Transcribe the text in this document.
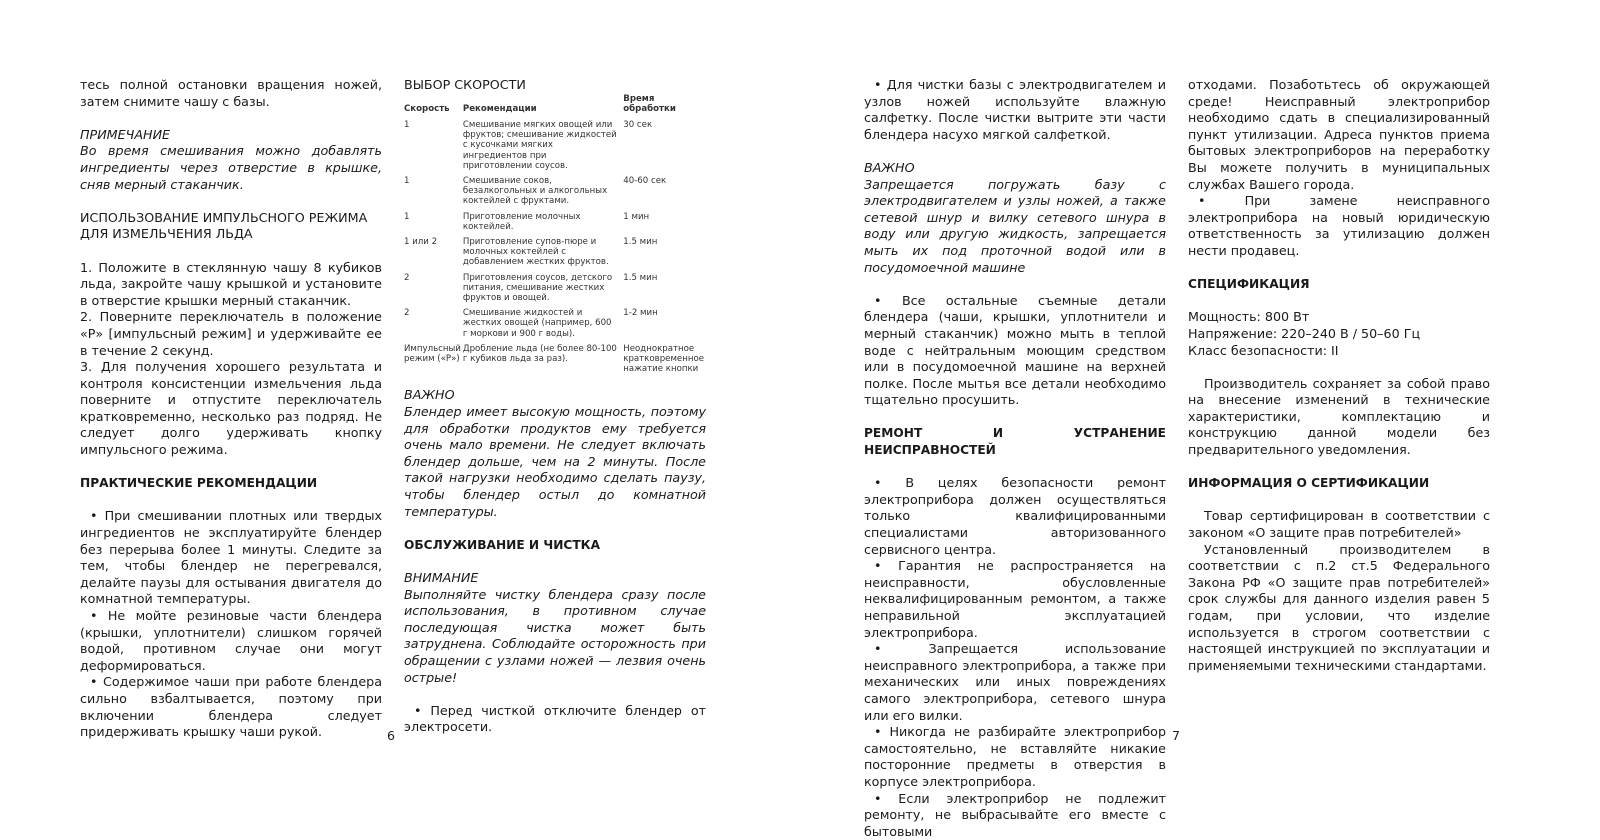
тесь полной остановки вращения ножей, затем снимите чашу с базы.

ПРИМЕЧАНИЕ

Во время смешивания можно добавлять ингредиенты через отверстие в крышке, сняв мерный стаканчик.

ИСПОЛЬЗОВАНИЕ ИМПУЛЬСНОГО РЕЖИМА ДЛЯ ИЗМЕЛЬЧЕНИЯ ЛЬДА

1. Положите в стеклянную чашу 8 кубиков льда, закройте чашу крышкой и установите в отверстие крышки мерный стаканчик.

2. Поверните переключатель в положение «P» [импульсный режим] и удерживайте ее в течение 2 секунд.

3. Для получения хорошего результата и контроля консистенции измельчения льда поверните и отпустите переключатель кратковременно, несколько раз подряд. Не следует долго удерживать кнопку импульсного режима.

ПРАКТИЧЕСКИЕ РЕКОМЕНДАЦИИ

• При смешивании плотных или твердых ингредиентов не эксплуатируйте блендер без перерыва более 1 минуты. Следите за тем, чтобы блендер не перегревался, делайте паузы для остывания двигателя до комнатной температуры.

• Не мойте резиновые части блендера (крышки, уплотнители) слишком горячей водой, противном случае они могут деформироваться.

• Содержимое чаши при работе блендера сильно взбалтывается, поэтому при включении блендера следует придерживать крышку чаши рукой.

ВЫБОР СКОРОСТИ

Скорость	Рекомендации	Время обработки
1	Смешивание мягких овощей или фруктов; смешивание жидкостей с кусочками мягких ингредиентов при приготовлении соусов.	30 сек
1	Смешивание соков, безалкогольных и алкогольных коктейлей с фруктами.	40-60 сек
1	Приготовление молочных коктейлей.	1 мин
1 или 2	Приготовление супов-пюре и молочных коктейлей с добавлением жестких фруктов.	1.5 мин
2	Приготовления соусов, детского питания, смешивание жестких фруктов и овощей.	1.5 мин
2	Смешивание жидкостей и жестких овощей (например, 600 г моркови и 900 г воды).	1-2 мин
Импульсный режим («P»)	Дробление льда (не более 80-100 г кубиков льда за раз).	Неоднократное кратковременное нажатие кнопки

ВАЖНО

Блендер имеет высокую мощность, поэтому для обработки продуктов ему требуется очень мало времени. Не следует включать блендер дольше, чем на 2 минуты. После такой нагрузки необходимо сделать паузу, чтобы блендер остыл до комнатной температуры.

ОБСЛУЖИВАНИЕ И ЧИСТКА

ВНИМАНИЕ

Выполняйте чистку блендера сразу после использования, в противном случае последующая чистка может быть затруднена. Соблюдайте осторожность при обращении с узлами ножей — лезвия очень острые!

• Перед чисткой отключите блендер от электросети.

6

• Для чистки базы с электродвигателем и узлов ножей используйте влажную салфетку. После чистки вытрите эти части блендера насухо мягкой салфеткой.

ВАЖНО

Запрещается погружать базу с электродвигателем и узлы ножей, а также сетевой шнур и вилку сетевого шнура в воду или другую жидкость, запрещается мыть их под проточной водой или в посудомоечной машине

• Все остальные съемные детали блендера (чаши, крышки, уплотнители и мерный стаканчик) можно мыть в теплой воде с нейтральным моющим средством или в посудомоечной машине на верхней полке. После мытья все детали необходимо тщательно просушить.

РЕМОНТ И УСТРАНЕНИЕ НЕИСПРАВНОСТЕЙ

• В целях безопасности ремонт электроприбора должен осуществляться только квалифицированными специалистами авторизованного сервисного центра.

• Гарантия не распространяется на неисправности, обусловленные неквалифицированным ремонтом, а также неправильной эксплуатацией электроприбора.

• Запрещается использование неисправного электроприбора, а также при механических или иных повреждениях самого электроприбора, сетевого шнура или его вилки.

• Никогда не разбирайте электроприбор самостоятельно, не вставляйте никакие посторонние предметы в отверстия в корпусе электроприбора.

• Если электроприбор не подлежит ремонту, не выбрасывайте его вместе с бытовыми

отходами. Позаботьтесь об окружающей среде! Неисправный электроприбор необходимо сдать в специализированный пункт утилизации. Адреса пунктов приема бытовых электроприборов на переработку Вы можете получить в муниципальных службах Вашего города.

• При замене неисправного электроприбора на новый юридическую ответственность за утилизацию должен нести продавец.

СПЕЦИФИКАЦИЯ

Мощность: 800 Вт

Напряжение: 220–240 В / 50–60 Гц

Класс безопасности: II

Производитель сохраняет за собой право на внесение изменений в технические характеристики, комплектацию и конструкцию данной модели без предварительного уведомления.

ИНФОРМАЦИЯ О СЕРТИФИКАЦИИ

Товар сертифицирован в соответствии с законом «О защите прав потребителей»

Установленный производителем в соответствии с п.2 ст.5 Федерального Закона РФ «О защите прав потребителей» срок службы для данного изделия равен 5 годам, при условии, что изделие используется в строгом соответствии с настоящей инструкцией по эксплуатации и применяемыми техническими стандартами.

7
